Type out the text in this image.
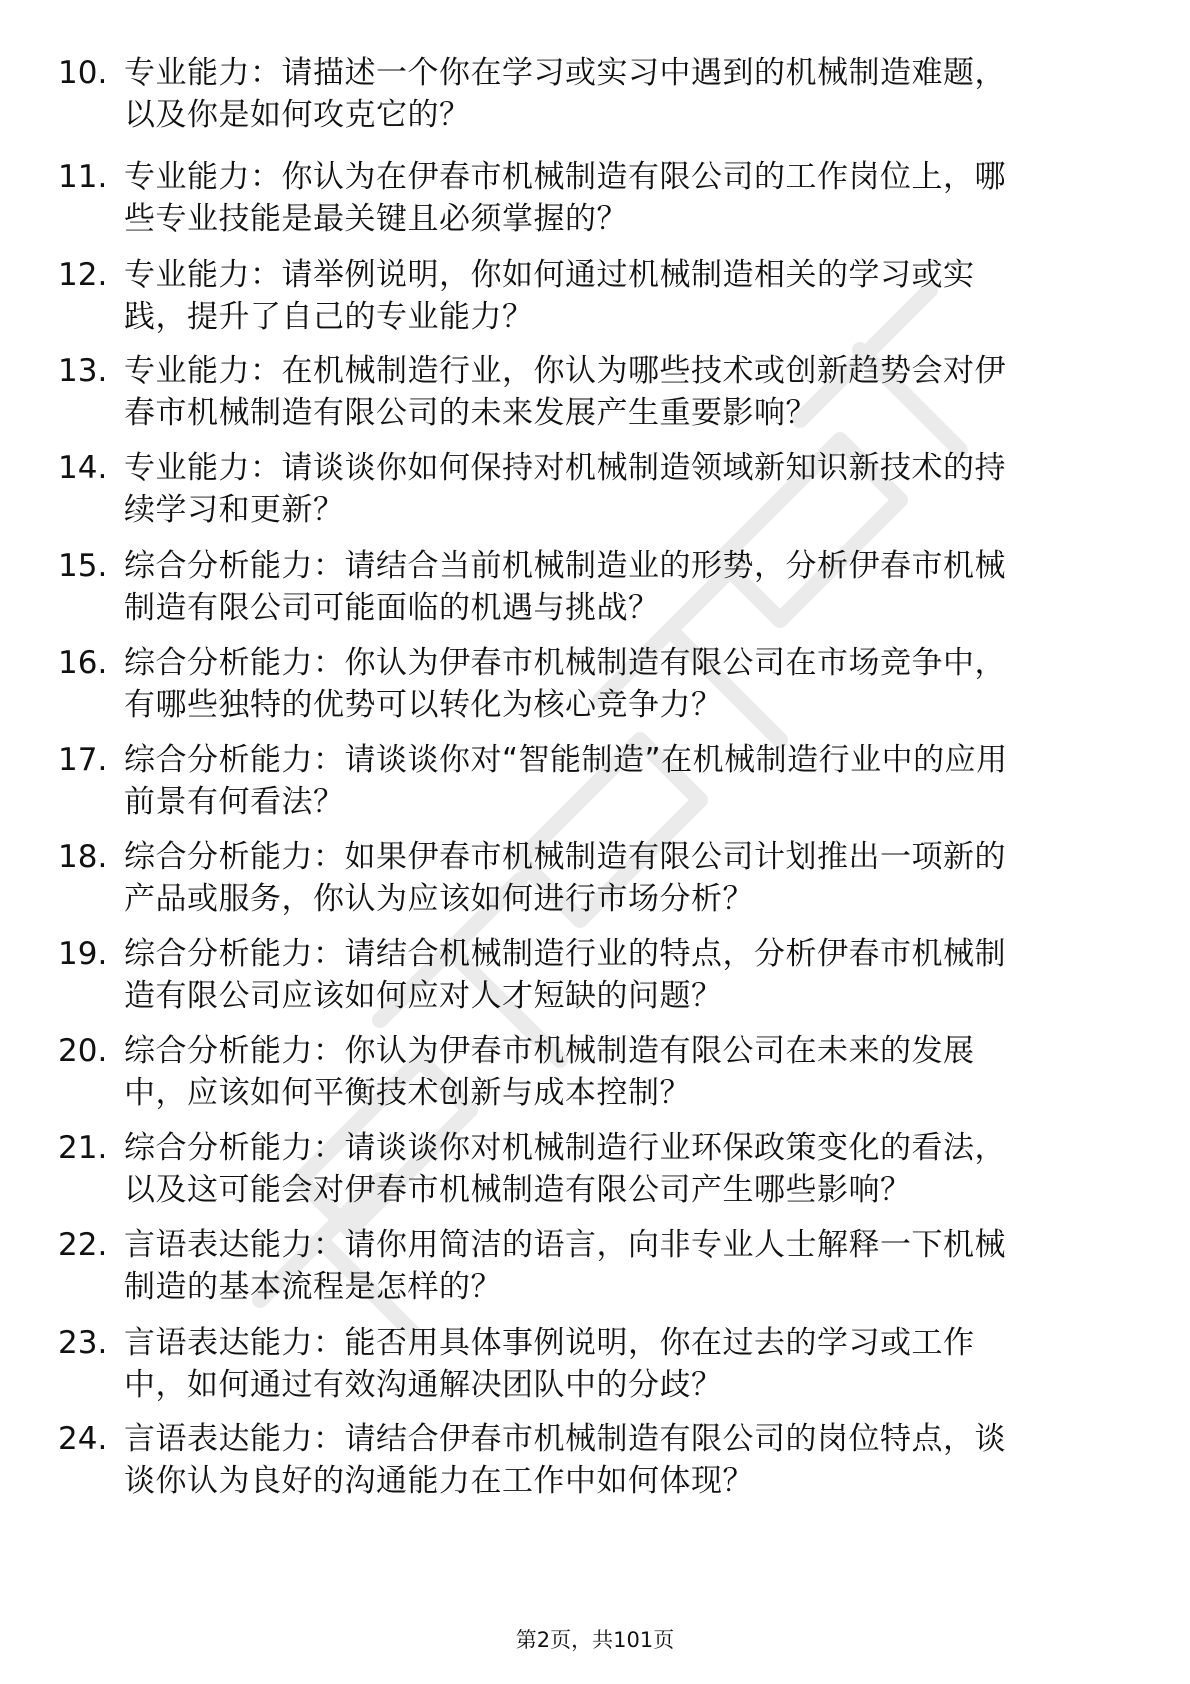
10. 专业能力：请描述一个你在学习或实习中遇到的机械制造难题，
以及你是如何攻克它的？
11. 专业能力：你认为在伊春市机械制造有限公司的工作岗位上，哪
些专业技能是最关键且必须掌握的？
12. 专业能力：请举例说明，你如何通过机械制造相关的学习或实
践，提升了自己的专业能力？
13. 专业能力：在机械制造行业，你认为哪些技术或创新趋势会对伊
春市机械制造有限公司的未来发展产生重要影响？
14. 专业能力：请谈谈你如何保持对机械制造领域新知识新技术的持
续学习和更新？
15. 综合分析能力：请结合当前机械制造业的形势，分析伊春市机械
制造有限公司可能面临的机遇与挑战？
16. 综合分析能力：你认为伊春市机械制造有限公司在市场竞争中，
有哪些独特的优势可以转化为核心竞争力？
17. 综合分析能力：请谈谈你对“智能制造”在机械制造行业中的应用
前景有何看法？
18. 综合分析能力：如果伊春市机械制造有限公司计划推出一项新的
产品或服务，你认为应该如何进行市场分析？
19. 综合分析能力：请结合机械制造行业的特点，分析伊春市机械制
造有限公司应该如何应对人才短缺的问题？
20. 综合分析能力：你认为伊春市机械制造有限公司在未来的发展
中，应该如何平衡技术创新与成本控制？
21. 综合分析能力：请谈谈你对机械制造行业环保政策变化的看法，
以及这可能会对伊春市机械制造有限公司产生哪些影响？
22. 言语表达能力：请你用简洁的语言，向非专业人士解释一下机械
制造的基本流程是怎样的？
23. 言语表达能力：能否用具体事例说明，你在过去的学习或工作
中，如何通过有效沟通解决团队中的分歧？
24. 言语表达能力：请结合伊春市机械制造有限公司的岗位特点，谈
谈你认为良好的沟通能力在工作中如何体现？
第2页，共101页
